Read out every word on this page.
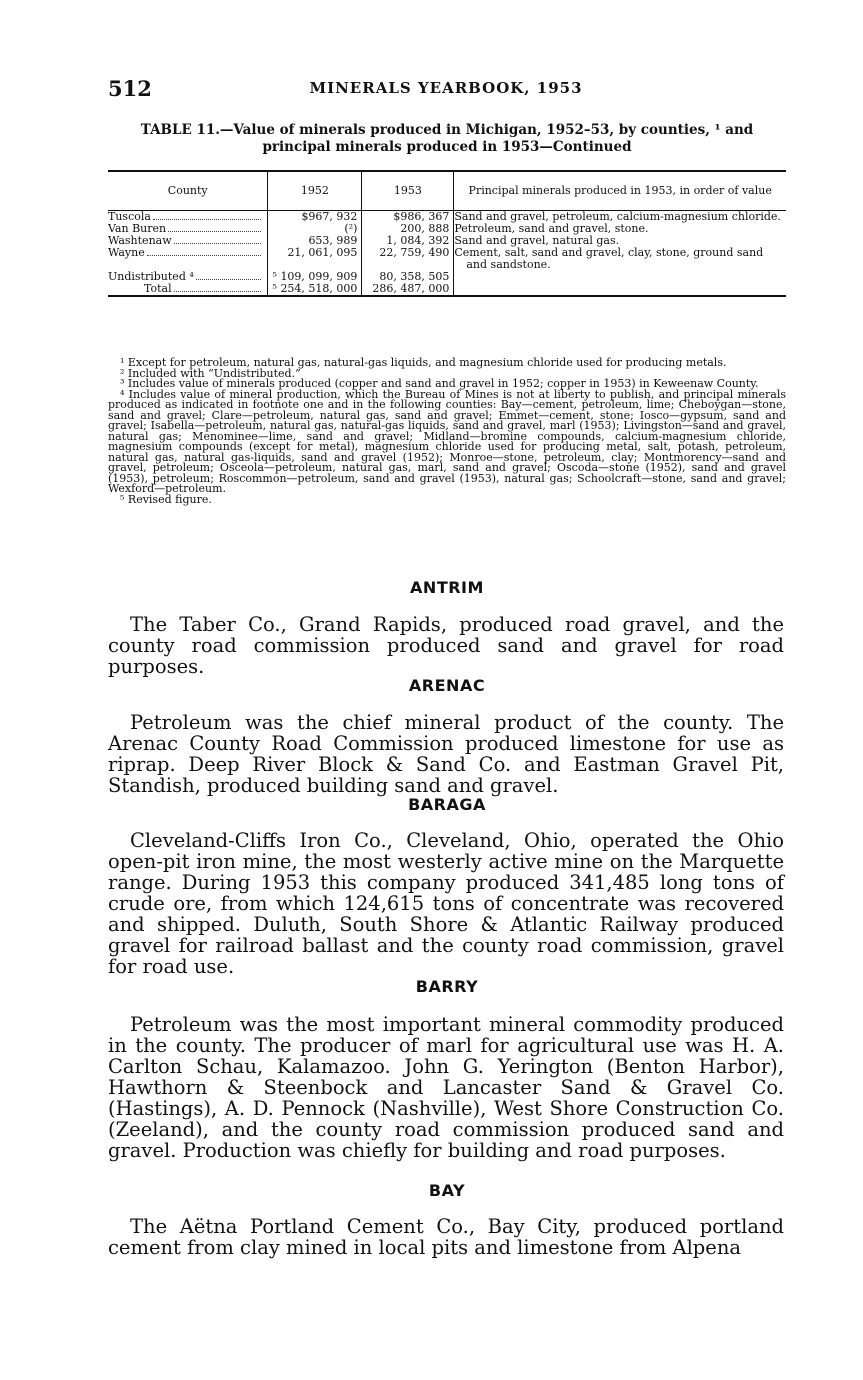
512	MINERALS YEARBOOK, 1953
TABLE 11.—Value of minerals produced in Michigan, 1952–53, by counties, ¹ and
principal minerals produced in 1953—Continued
County	1952	1953	Principal minerals produced in 1953, in order of value

Tuscola	$967, 932	$986, 367	Sand and gravel, petroleum, calcium-magnesium chloride.

Van Buren	(²)	200, 888	Petroleum, sand and gravel, stone.

Washtenaw	653, 989	1, 084, 392	Sand and gravel, natural gas.

Wayne	21, 061, 095	22, 759, 490	Cement, salt, sand and gravel, clay, stone, ground sand and sandstone.

Undistributed ⁴	⁵ 109, 099, 909	80, 358, 505	

Total	⁵ 254, 518, 000	286, 487, 000	

¹ Except for petroleum, natural gas, natural-gas liquids, and magnesium chloride used for producing metals.

² Included with “Undistributed.”

³ Includes value of minerals produced (copper and sand and gravel in 1952; copper in 1953) in Keweenaw County.

⁴ Includes value of mineral production, which the Bureau of Mines is not at liberty to publish, and principal minerals produced as indicated in footnote one and in the following counties: Bay—cement, petroleum, lime; Cheboygan—stone, sand and gravel; Clare—petroleum, natural gas, sand and gravel; Emmet—cement, stone; Iosco—gypsum, sand and gravel; Isabella—petroleum, natural gas, natural-gas liquids, sand and gravel, marl (1953); Livingston—sand and gravel, natural gas; Menominee—lime, sand and gravel; Midland—bromine compounds, calcium-magnesium chloride, magnesium compounds (except for metal), magnesium chloride used for producing metal, salt, potash, petroleum, natural gas, natural gas-liquids, sand and gravel (1952); Monroe—stone, petroleum, clay; Montmorency—sand and gravel, petroleum; Osceola—petroleum, natural gas, marl, sand and gravel; Oscoda—stone (1952), sand and gravel (1953), petroleum; Roscommon—petroleum, sand and gravel (1953), natural gas; Schoolcraft—stone, sand and gravel; Wexford—petroleum.

⁵ Revised figure.

ANTRIM
The Taber Co., Grand Rapids, produced road gravel, and the county road commission produced sand and gravel for road purposes.
ARENAC
Petroleum was the chief mineral product of the county. The Arenac County Road Commission produced limestone for use as riprap. Deep River Block & Sand Co. and Eastman Gravel Pit, Standish, produced building sand and gravel.
BARAGA
Cleveland-Cliffs Iron Co., Cleveland, Ohio, operated the Ohio open-pit iron mine, the most westerly active mine on the Marquette range. During 1953 this company produced 341,485 long tons of crude ore, from which 124,615 tons of concentrate was recovered and shipped. Duluth, South Shore & Atlantic Railway produced gravel for railroad ballast and the county road commission, gravel for road use.
BARRY
Petroleum was the most important mineral commodity produced in the county. The producer of marl for agricultural use was H. A. Carlton Schau, Kalamazoo. John G. Yerington (Benton Harbor), Hawthorn & Steenbock and Lancaster Sand & Gravel Co. (Hastings), A. D. Pennock (Nashville), West Shore Construction Co. (Zeeland), and the county road commission produced sand and gravel. Production was chiefly for building and road purposes.
BAY
The Aëtna Portland Cement Co., Bay City, produced portland cement from clay mined in local pits and limestone from Alpena
